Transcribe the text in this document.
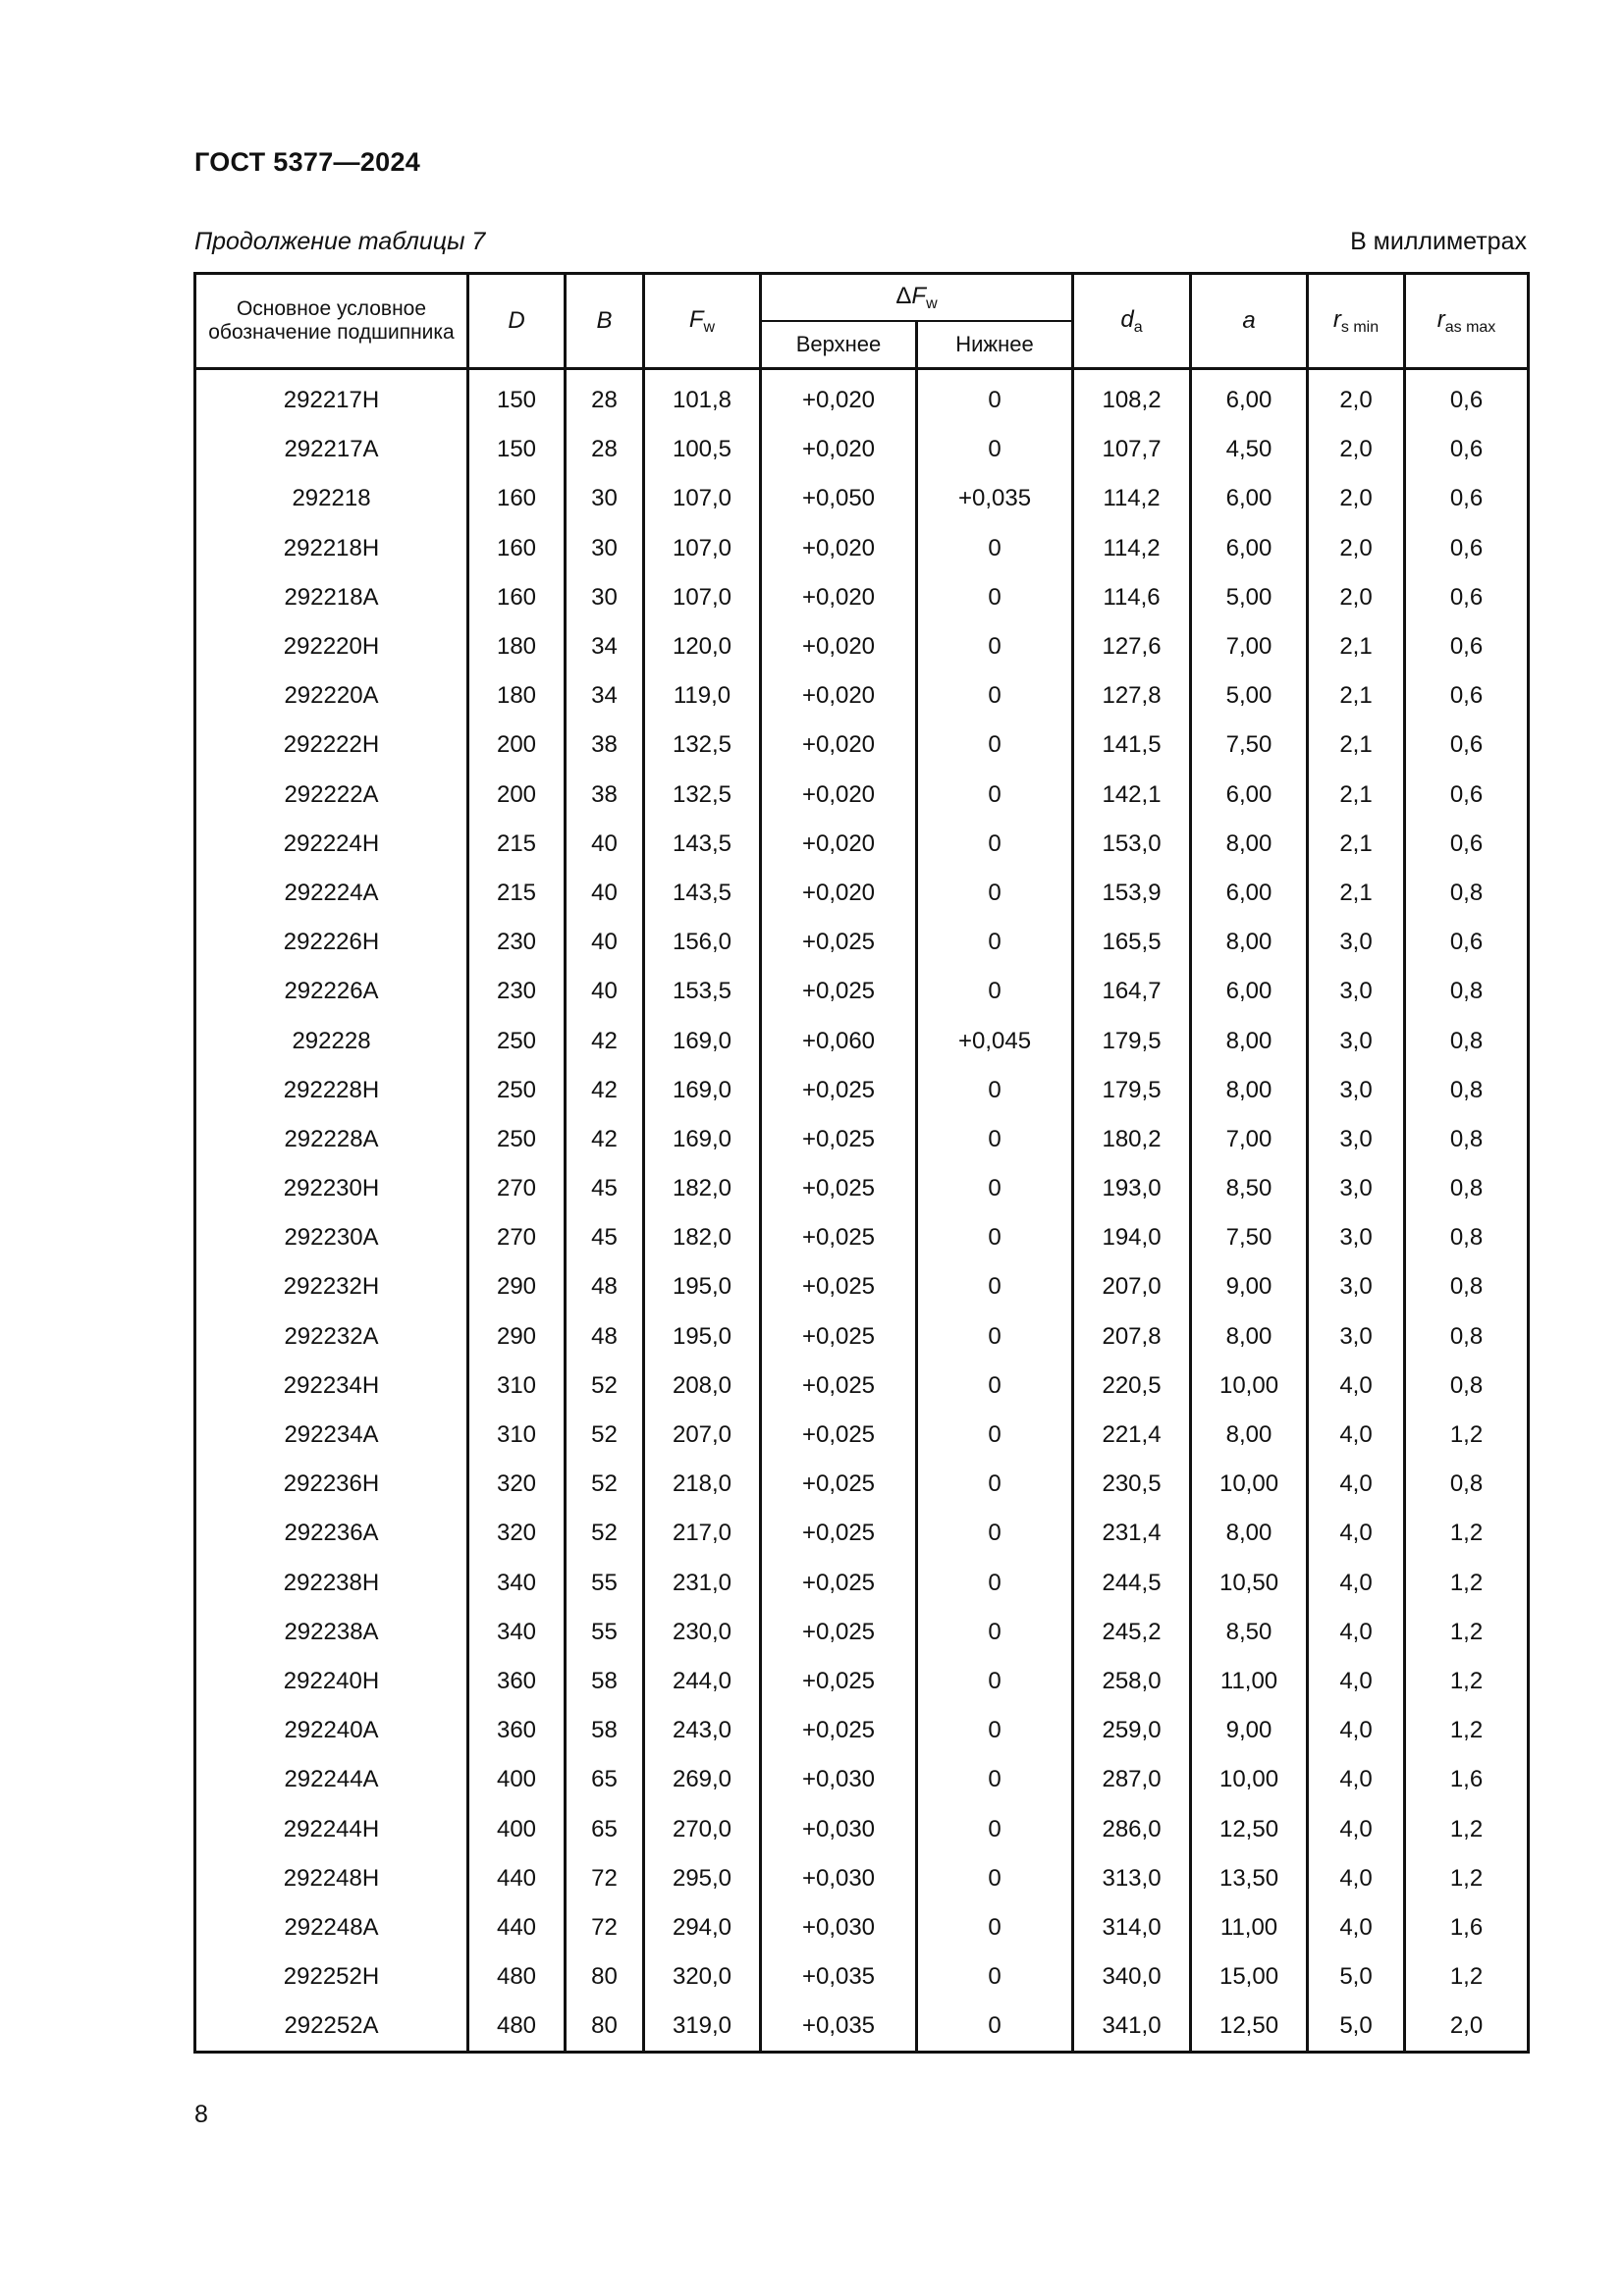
ГОСТ 5377—2024
Продолжение таблицы 7	В миллиметрах
Основное условное обозначение подшипника	D	B	$F_w$	$\Delta F_w$		$d_a$	a	$r_{s min}$	$r_{as max}$
				Верхнее	Нижнее				

292217H	150	28	101,8	+0,020	0	108,2	6,00	2,0	0,6
292217A	150	28	100,5	+0,020	0	107,7	4,50	2,0	0,6
292218	160	30	107,0	+0,050	+0,035	114,2	6,00	2,0	0,6
292218H	160	30	107,0	+0,020	0	114,2	6,00	2,0	0,6
292218A	160	30	107,0	+0,020	0	114,6	5,00	2,0	0,6
292220H	180	34	120,0	+0,020	0	127,6	7,00	2,1	0,6
292220A	180	34	119,0	+0,020	0	127,8	5,00	2,1	0,6
292222H	200	38	132,5	+0,020	0	141,5	7,50	2,1	0,6
292222A	200	38	132,5	+0,020	0	142,1	6,00	2,1	0,6
292224H	215	40	143,5	+0,020	0	153,0	8,00	2,1	0,6
292224A	215	40	143,5	+0,020	0	153,9	6,00	2,1	0,8
292226H	230	40	156,0	+0,025	0	165,5	8,00	3,0	0,6
292226A	230	40	153,5	+0,025	0	164,7	6,00	3,0	0,8
292228	250	42	169,0	+0,060	+0,045	179,5	8,00	3,0	0,8
292228H	250	42	169,0	+0,025	0	179,5	8,00	3,0	0,8
292228A	250	42	169,0	+0,025	0	180,2	7,00	3,0	0,8
292230H	270	45	182,0	+0,025	0	193,0	8,50	3,0	0,8
292230A	270	45	182,0	+0,025	0	194,0	7,50	3,0	0,8
292232H	290	48	195,0	+0,025	0	207,0	9,00	3,0	0,8
292232A	290	48	195,0	+0,025	0	207,8	8,00	3,0	0,8
292234H	310	52	208,0	+0,025	0	220,5	10,00	4,0	0,8
292234A	310	52	207,0	+0,025	0	221,4	8,00	4,0	1,2
292236H	320	52	218,0	+0,025	0	230,5	10,00	4,0	0,8
292236A	320	52	217,0	+0,025	0	231,4	8,00	4,0	1,2
292238H	340	55	231,0	+0,025	0	244,5	10,50	4,0	1,2
292238A	340	55	230,0	+0,025	0	245,2	8,50	4,0	1,2
292240H	360	58	244,0	+0,025	0	258,0	11,00	4,0	1,2
292240A	360	58	243,0	+0,025	0	259,0	9,00	4,0	1,2
292244A	400	65	269,0	+0,030	0	287,0	10,00	4,0	1,6
292244H	400	65	270,0	+0,030	0	286,0	12,50	4,0	1,2
292248H	440	72	295,0	+0,030	0	313,0	13,50	4,0	1,2
292248A	440	72	294,0	+0,030	0	314,0	11,00	4,0	1,6
292252H	480	80	320,0	+0,035	0	340,0	15,00	5,0	1,2
292252A	480	80	319,0	+0,035	0	341,0	12,50	5,0	2,0
8
